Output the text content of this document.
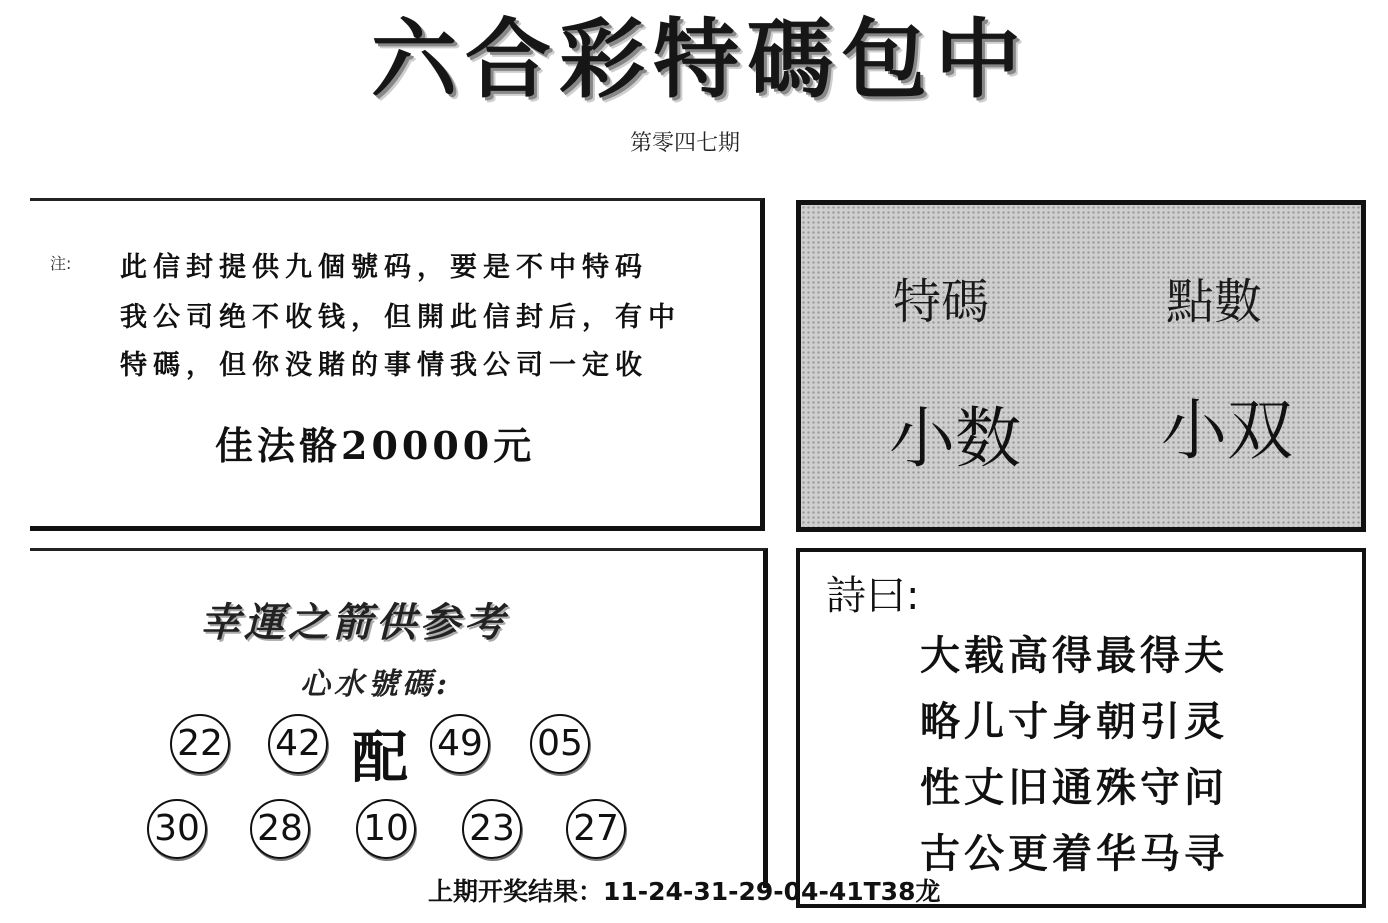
六合彩特碼包中
第零四七期
注: 此信封提供九個號码，要是不中特码
我公司绝不收钱，但開此信封后，有中
特碼，但你没賭的事情我公司一定收
佳法骼20000元
特碼	點數
小数 小双
幸運之箭供参考
心水號碼:
22 42 配 49 05
30 28 10 23 27
詩曰:
大载高得最得夫
略儿寸身朝引灵
性丈旧通殊守问
古公更着华马寻
上期开奖结果：11-24-31-29-04-41T38龙
